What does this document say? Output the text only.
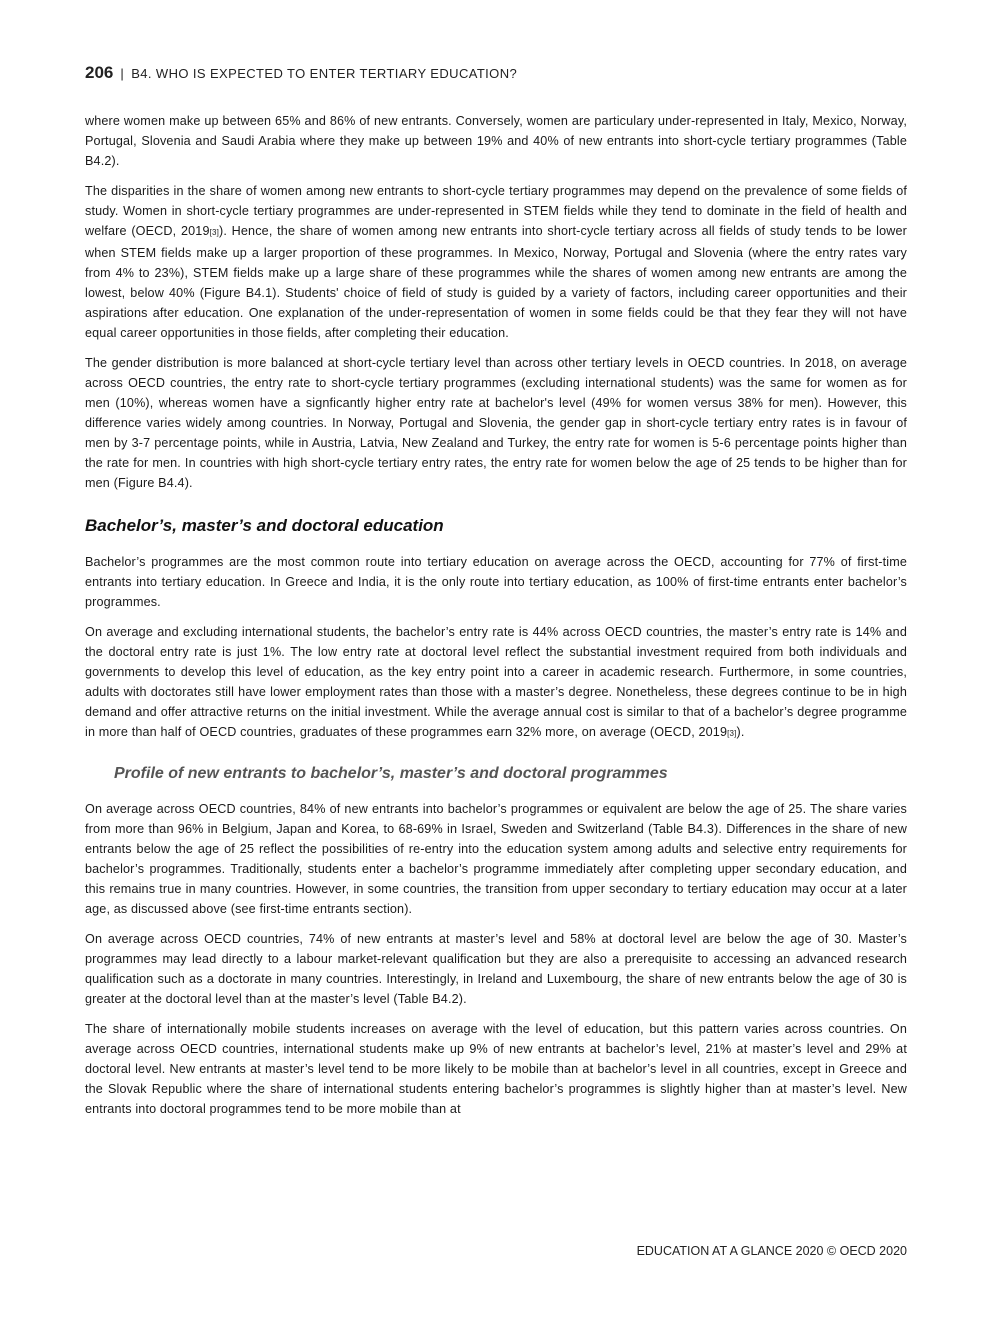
206 | B4. WHO IS EXPECTED TO ENTER TERTIARY EDUCATION?

where women make up between 65% and 86% of new entrants. Conversely, women are particulary under-represented in Italy, Mexico, Norway, Portugal, Slovenia and Saudi Arabia where they make up between 19% and 40% of new entrants into short-cycle tertiary programmes (Table B4.2).

The disparities in the share of women among new entrants to short-cycle tertiary programmes may depend on the prevalence of some fields of study. Women in short-cycle tertiary programmes are under-represented in STEM fields while they tend to dominate in the field of health and welfare (OECD, 2019[3]). Hence, the share of women among new entrants into short-cycle tertiary across all fields of study tends to be lower when STEM fields make up a larger proportion of these programmes. In Mexico, Norway, Portugal and Slovenia (where the entry rates vary from 4% to 23%), STEM fields make up a large share of these programmes while the shares of women among new entrants are among the lowest, below 40% (Figure B4.1). Students' choice of field of study is guided by a variety of factors, including career opportunities and their aspirations after education. One explanation of the under-representation of women in some fields could be that they fear they will not have equal career opportunities in those fields, after completing their education.

The gender distribution is more balanced at short-cycle tertiary level than across other tertiary levels in OECD countries. In 2018, on average across OECD countries, the entry rate to short-cycle tertiary programmes (excluding international students) was the same for women as for men (10%), whereas women have a signficantly higher entry rate at bachelor's level (49% for women versus 38% for men). However, this difference varies widely among countries. In Norway, Portugal and Slovenia, the gender gap in short-cycle tertiary entry rates is in favour of men by 3-7 percentage points, while in Austria, Latvia, New Zealand and Turkey, the entry rate for women is 5-6 percentage points higher than the rate for men. In countries with high short-cycle tertiary entry rates, the entry rate for women below the age of 25 tends to be higher than for men (Figure B4.4).

Bachelor’s, master’s and doctoral education

Bachelor’s programmes are the most common route into tertiary education on average across the OECD, accounting for 77% of first-time entrants into tertiary education. In Greece and India, it is the only route into tertiary education, as 100% of first-time entrants enter bachelor’s programmes.

On average and excluding international students, the bachelor’s entry rate is 44% across OECD countries, the master’s entry rate is 14% and the doctoral entry rate is just 1%. The low entry rate at doctoral level reflect the substantial investment required from both individuals and governments to develop this level of education, as the key entry point into a career in academic research. Furthermore, in some countries, adults with doctorates still have lower employment rates than those with a master’s degree. Nonetheless, these degrees continue to be in high demand and offer attractive returns on the initial investment. While the average annual cost is similar to that of a bachelor’s degree programme in more than half of OECD countries, graduates of these programmes earn 32% more, on average (OECD, 2019[3]).

Profile of new entrants to bachelor’s, master’s and doctoral programmes

On average across OECD countries, 84% of new entrants into bachelor’s programmes or equivalent are below the age of 25. The share varies from more than 96% in Belgium, Japan and Korea, to 68-69% in Israel, Sweden and Switzerland (Table B4.3). Differences in the share of new entrants below the age of 25 reflect the possibilities of re-entry into the education system among adults and selective entry requirements for bachelor’s programmes. Traditionally, students enter a bachelor’s programme immediately after completing upper secondary education, and this remains true in many countries. However, in some countries, the transition from upper secondary to tertiary education may occur at a later age, as discussed above (see first-time entrants section).

On average across OECD countries, 74% of new entrants at master’s level and 58% at doctoral level are below the age of 30. Master’s programmes may lead directly to a labour market-relevant qualification but they are also a prerequisite to accessing an advanced research qualification such as a doctorate in many countries. Interestingly, in Ireland and Luxembourg, the share of new entrants below the age of 30 is greater at the doctoral level than at the master’s level (Table B4.2).

The share of internationally mobile students increases on average with the level of education, but this pattern varies across countries. On average across OECD countries, international students make up 9% of new entrants at bachelor’s level, 21% at master’s level and 29% at doctoral level. New entrants at master’s level tend to be more likely to be mobile than at bachelor’s level in all countries, except in Greece and the Slovak Republic where the share of international students entering bachelor’s programmes is slightly higher than at master’s level. New entrants into doctoral programmes tend to be more mobile than at

EDUCATION AT A GLANCE 2020 © OECD 2020
